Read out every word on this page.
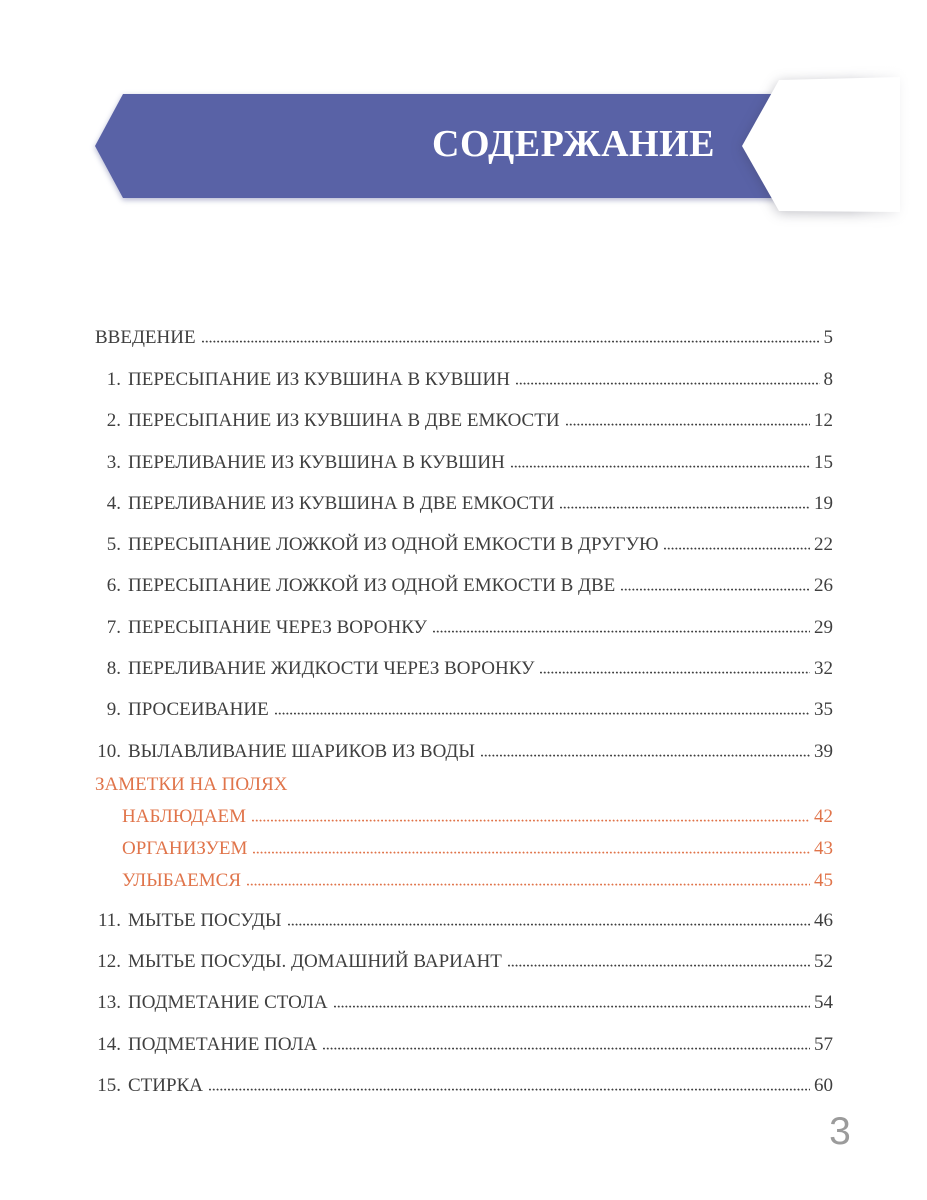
СОДЕРЖАНИЕ
ВВЕДЕНИЕ	5
1. ПЕРЕСЫПАНИЕ ИЗ КУВШИНА В КУВШИН	8
2. ПЕРЕСЫПАНИЕ ИЗ КУВШИНА В ДВЕ ЕМКОСТИ	12
3. ПЕРЕЛИВАНИЕ ИЗ КУВШИНА В КУВШИН	15
4. ПЕРЕЛИВАНИЕ ИЗ КУВШИНА В ДВЕ ЕМКОСТИ	19
5. ПЕРЕСЫПАНИЕ ЛОЖКОЙ ИЗ ОДНОЙ ЕМКОСТИ В ДРУГУЮ	22
6. ПЕРЕСЫПАНИЕ ЛОЖКОЙ ИЗ ОДНОЙ ЕМКОСТИ В ДВЕ	26
7. ПЕРЕСЫПАНИЕ ЧЕРЕЗ ВОРОНКУ	29
8. ПЕРЕЛИВАНИЕ ЖИДКОСТИ ЧЕРЕЗ ВОРОНКУ	32
9. ПРОСЕИВАНИЕ	35
10. ВЫЛАВЛИВАНИЕ ШАРИКОВ ИЗ ВОДЫ	39
ЗАМЕТКИ НА ПОЛЯХ
НАБЛЮДАЕМ	42
ОРГАНИЗУЕМ	43
УЛЫБАЕМСЯ	45
11. МЫТЬЕ ПОСУДЫ	46
12. МЫТЬЕ ПОСУДЫ. ДОМАШНИЙ ВАРИАНТ	52
13. ПОДМЕТАНИЕ СТОЛА	54
14. ПОДМЕТАНИЕ ПОЛА	57
15. СТИРКА	60
3
